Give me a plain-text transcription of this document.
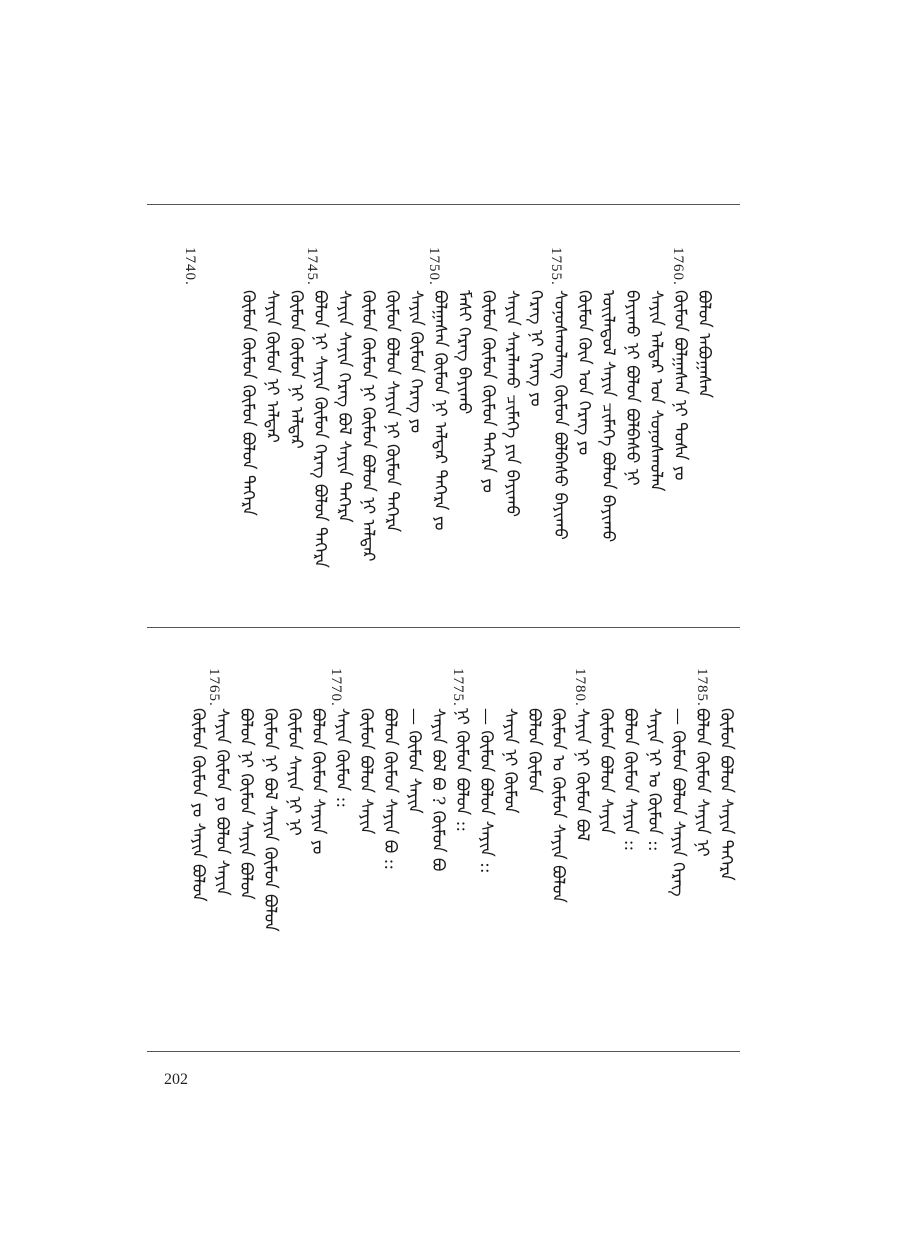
1760.
1755.
1750.
1745.
1740.
ᠪᠣᠯᠤᠨ ᠠᠪᠤᠭᠠᠰᠠᠨ
ᠬᠦᠮᠦᠨ ᠪᠣᠯᠭᠠᠰᠠᠨ ᠨᠢ ᠲᠤᠰᠠ ᠶᠤ
ᠰᠠᠶᠢᠨ ᠠᠯᠳᠠᠷ ᠤᠨ ᠰᠣᠨᠣᠰᠬᠤᠯᠠᠨ
ᠪᠠᠶᠢᠬᠤ ᠨᠢ ᠪᠣᠯᠤᠨ ᠪᠣᠯᠪᠠᠰᠤ ᠨᠢ
ᠦᠢᠯᠡᠳᠦᠯ ᠰᠠᠶᠢᠨ ᠴᠢᠮᠡᠭᠡ ᠪᠣᠯᠤᠨ ᠪᠠᠶᠢᠬᠤ
ᠬᠦᠮᠦᠨ ᠬᠦᠨ ᠤᠨ ᠬᠡᠷᠡᠭ ᠶᠤ
ᠰᠣᠨᠣᠰᠬᠤᠯᠠᠩ ᠬᠦᠮᠦᠨ ᠪᠣᠯᠪᠠᠰᠤ ᠪᠠᠶᠢᠬᠤ
ᠬᠡᠷᠡᠭ ᠨᠢ ᠬᠡᠷᠡᠭ ᠶᠤ
ᠰᠠᠶᠢᠨ ᠰᠠᠷᠠᠯᠠᠬᠤ ᠴᠢᠮᠡᠭᠡ ᠶᠢᠨ ᠪᠠᠶᠢᠬᠤ
ᠬᠦᠮᠦᠨ ᠬᠦᠮᠦᠨ ᠬᠦᠮᠦᠨ ᠳᠡᠭᠡᠷᠡ ᠶᠤ
ᠮᠠᠰᠢ ᠬᠡᠷᠡᠭ ᠪᠠᠶᠢᠬᠤ
ᠪᠣᠯᠭᠠᠰᠠᠨ ᠬᠦᠮᠦᠨ ᠨᠢ ᠠᠯᠳᠠᠷ ᠳᠡᠭᠡᠷᠡ ᠶᠤ
ᠰᠠᠶᠢᠨ ᠬᠦᠮᠦᠨ ᠬᠡᠷᠡᠭ ᠶᠤ
ᠬᠦᠮᠦᠨ ᠪᠣᠯᠤᠨ ᠰᠠᠶᠢᠨ ᠨᠢ ᠬᠦᠮᠦᠨ ᠳᠡᠭᠡᠷᠡ
ᠬᠦᠮᠦᠨ ᠬᠦᠮᠦᠨ ᠨᠢ ᠬᠦᠮᠦᠨ ᠪᠣᠯᠤᠨ ᠨᠢ ᠠᠯᠳᠠᠷ
ᠰᠠᠶᠢᠨ ᠰᠠᠶᠢᠨ ᠬᠡᠷᠡᠭ ᠪᠣᠯ ᠰᠠᠶᠢᠨ ᠳᠡᠭᠡᠷᠡ
ᠪᠣᠯᠤᠨ ᠨᠢ ᠰᠠᠶᠢᠨ ᠬᠦᠮᠦᠨ ᠬᠡᠷᠡᠭ ᠪᠣᠯᠤᠨ ᠳᠡᠭᠡᠷᠡ
ᠬᠦᠮᠦᠨ ᠬᠦᠮᠦᠨ ᠨᠢ ᠠᠯᠳᠠᠷ
ᠰᠠᠶᠢᠨ ᠬᠦᠮᠦᠨ ᠨᠢ ᠠᠯᠳᠠᠷ
ᠬᠦᠮᠦᠨ ᠬᠦᠮᠦᠨ ᠬᠦᠮᠦᠨ ᠪᠣᠯᠤᠨ ᠳᠡᠭᠡᠷᠡ
1785.
1780.
1775.
1770.
1765.
ᠬᠦᠮᠦᠨ ᠪᠣᠯᠤᠨ ᠰᠠᠶᠢᠨ ᠳᠡᠭᠡᠷᠡ
ᠪᠣᠯᠤᠨ ᠬᠦᠮᠦᠨ ᠰᠠᠶᠢᠨ ᠨᠢ
— ᠬᠦᠮᠦᠨ ᠪᠣᠯᠤᠨ ᠰᠠᠶᠢᠨ ᠬᠡᠷᠡᠭ
ᠰᠠᠶᠢᠨ ᠨᠢ ᠣ ᠬᠦᠮᠦᠨ ::
ᠪᠣᠯᠤᠨ ᠬᠦᠮᠦᠨ ᠰᠠᠶᠢᠨ ::
ᠬᠦᠮᠦᠨ ᠪᠣᠯᠤᠨ ᠰᠠᠶᠢᠨ
ᠰᠠᠶᠢᠨ ᠨᠢ ᠬᠦᠮᠦᠨ ᠪᠣᠯ
ᠬᠦᠮᠦᠨ ᠣ ᠬᠦᠮᠦᠨ ᠰᠠᠶᠢᠨ ᠪᠣᠯᠤᠨ
ᠪᠣᠯᠤᠨ ᠬᠦᠮᠦᠨ
ᠰᠠᠶᠢᠨ ᠨᠢ ᠬᠦᠮᠦᠨ
— ᠬᠦᠮᠦᠨ ᠪᠣᠯᠤᠨ ᠰᠠᠶᠢᠨ ::
ᠨᠢ ᠬᠦᠮᠦᠨ ᠪᠣᠯᠤᠨ ::
ᠰᠠᠶᠢᠨ ᠪᠣᠯ ᠪᠣ ? ᠬᠦᠮᠦᠨ ᠪᠣ
— ᠬᠦᠮᠦᠨ ᠰᠠᠶᠢᠨ
ᠪᠣᠯᠤᠨ ᠬᠦᠮᠦᠨ ᠰᠠᠶᠢᠨ ᠪᠣ ::
ᠬᠦᠮᠦᠨ ᠪᠣᠯᠤᠨ ᠰᠠᠶᠢᠨ
ᠰᠠᠶᠢᠨ ᠬᠦᠮᠦᠨ ::
ᠪᠣᠯᠤᠨ ᠬᠦᠮᠦᠨ ᠰᠠᠶᠢᠨ ᠶᠤ
ᠬᠦᠮᠦᠨ ᠰᠠᠶᠢᠨ ᠨᠢ ᠨᠢ
ᠬᠦᠮᠦᠨ ᠨᠢ ᠪᠣᠯ ᠰᠠᠶᠢᠨ ᠬᠦᠮᠦᠨ ᠪᠣᠯᠤᠨ
ᠪᠣᠯᠤᠨ ᠨᠢ ᠬᠦᠮᠦᠨ ᠰᠠᠶᠢᠨ ᠪᠣᠯᠤᠨ
ᠰᠠᠶᠢᠨ ᠬᠦᠮᠦᠨ ᠶᠤ ᠪᠣᠯᠤᠨ ᠰᠠᠶᠢᠨ
ᠬᠦᠮᠦᠨ ᠬᠦᠮᠦᠨ ᠶᠤ ᠰᠠᠶᠢᠨ ᠪᠣᠯᠤᠨ
202
